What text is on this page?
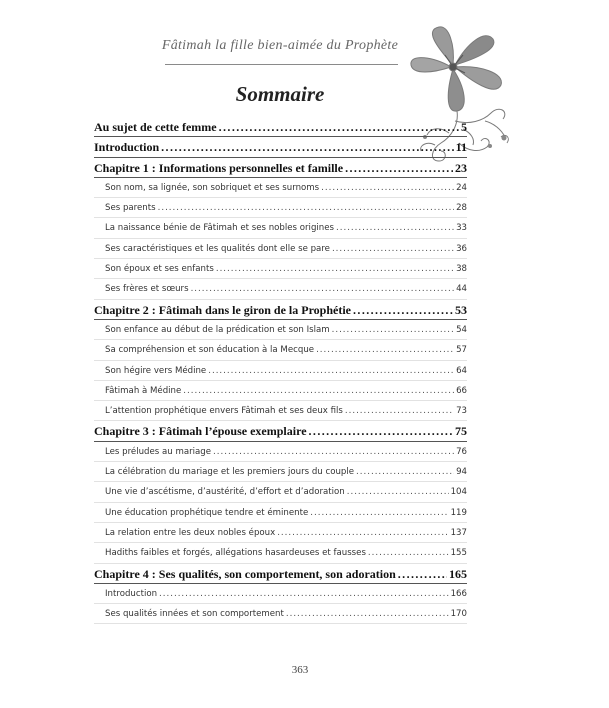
Fâtimah la fille bien-aimée du Prophète
Sommaire
Au sujet de cette femme .....	5
Introduction .....	11
Chapitre 1 : Informations personnelles et famille .....	23
Son nom, sa lignée, son sobriquet et ses surnoms .....	24
Ses parents .....	28
La naissance bénie de Fâtimah et ses nobles origines .....	33
Ses caractéristiques et les qualités dont elle se pare .....	36
Son époux et ses enfants .....	38
Ses frères et sœurs .....	44
Chapitre 2 : Fâtimah dans le giron de la Prophétie .....	53
Son enfance au début de la prédication et son Islam .....	54
Sa compréhension et son éducation à la Mecque .....	57
Son hégire vers Médine .....	64
Fâtimah à Médine .....	66
L’attention prophétique envers Fâtimah et ses deux fils .....	73
Chapitre 3 : Fâtimah l’épouse exemplaire .....	75
Les préludes au mariage .....	76
La célébration du mariage et les premiers jours du couple .....	94
Une vie d’ascétisme, d’austérité, d’effort et d’adoration .....	104
Une éducation prophétique tendre et éminente .....	119
La relation entre les deux nobles époux .....	137
Hadiths faibles et forgés, allégations hasardeuses et fausses .....	155
Chapitre 4 : Ses qualités, son comportement, son adoration .....	165
Introduction .....	166
Ses qualités innées et son comportement .....	170
363
